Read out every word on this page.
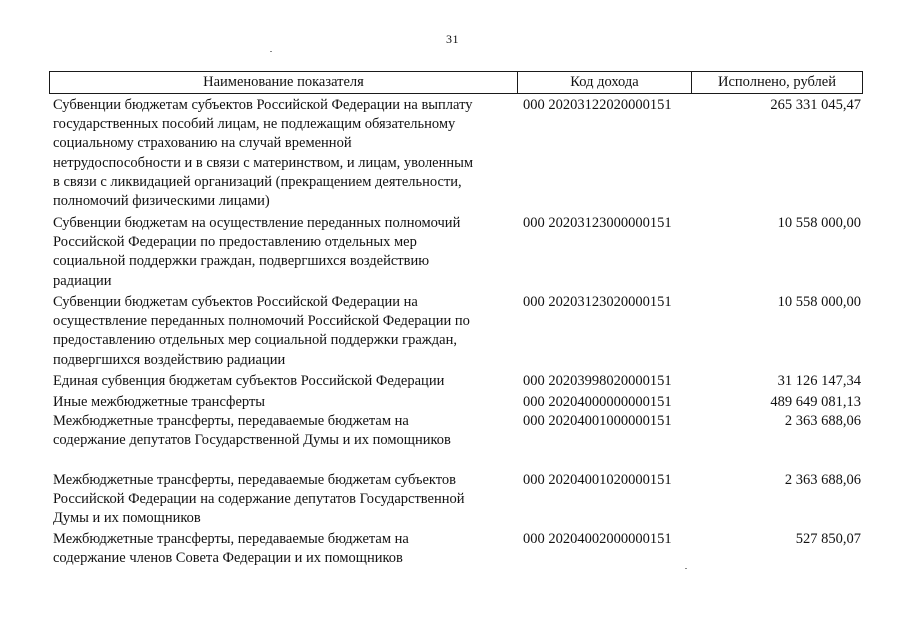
31
Наименование показателя	Код дохода	Исполнено, рублей
Субвенции бюджетам субъектов Российской Федерации на выплату
государственных пособий лицам, не подлежащим обязательному
социальному страхованию на случай временной
нетрудоспособности и в связи с материнством, и лицам, уволенным
в связи с ликвидацией организаций (прекращением деятельности,
полномочий физическими лицами)
000 20203122020000151	265 331 045,47
Субвенции бюджетам на осуществление переданных полномочий
Российской Федерации по предоставлению отдельных мер
социальной поддержки граждан, подвергшихся воздействию
радиации
000 20203123000000151	10 558 000,00
Субвенции бюджетам субъектов Российской Федерации на
осуществление переданных полномочий Российской Федерации по
предоставлению отдельных мер социальной поддержки граждан,
подвергшихся воздействию радиации
000 20203123020000151	10 558 000,00
Единая субвенция бюджетам субъектов Российской Федерации	000 20203998020000151	31 126 147,34
Иные межбюджетные трансферты	000 20204000000000151	489 649 081,13
Межбюджетные трансферты, передаваемые бюджетам на
содержание депутатов Государственной Думы и их помощников
000 20204001000000151	2 363 688,06
Межбюджетные трансферты, передаваемые бюджетам субъектов
Российской Федерации на содержание депутатов Государственной
Думы и их помощников
000 20204001020000151	2 363 688,06
Межбюджетные трансферты, передаваемые бюджетам на
содержание членов Совета Федерации и их помощников
000 20204002000000151	527 850,07
